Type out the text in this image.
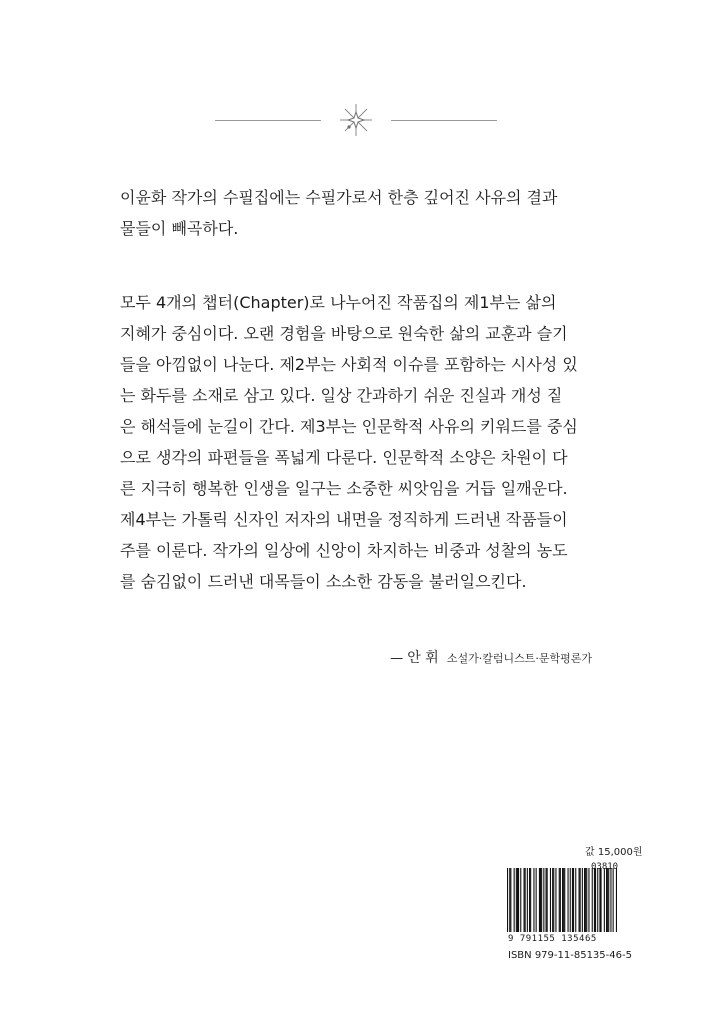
이윤화 작가의 수필집에는 수필가로서 한층 깊어진 사유의 결과
물들이 빼곡하다.

모두 4개의 챕터(Chapter)로 나누어진 작품집의 제1부는 삶의
지혜가 중심이다. 오랜 경험을 바탕으로 원숙한 삶의 교훈과 슬기
들을 아낌없이 나눈다. 제2부는 사회적 이슈를 포함하는 시사성 있
는 화두를 소재로 삼고 있다. 일상 간과하기 쉬운 진실과 개성 짙
은 해석들에 눈길이 간다. 제3부는 인문학적 사유의 키워드를 중심
으로 생각의 파편들을 폭넓게 다룬다. 인문학적 소양은 차원이 다
른 지극히 행복한 인생을 일구는 소중한 씨앗임을 거듭 일깨운다.
제4부는 가톨릭 신자인 저자의 내면을 정직하게 드러낸 작품들이
주를 이룬다. 작가의 일상에 신앙이 차지하는 비중과 성찰의 농도
를 숨김없이 드러낸 대목들이 소소한 감동을 불러일으킨다.

— 안 휘 소설가·칼럼니스트·문학평론가
값 15,000원
03810
9 791155 135465
ISBN 979-11-85135-46-5
